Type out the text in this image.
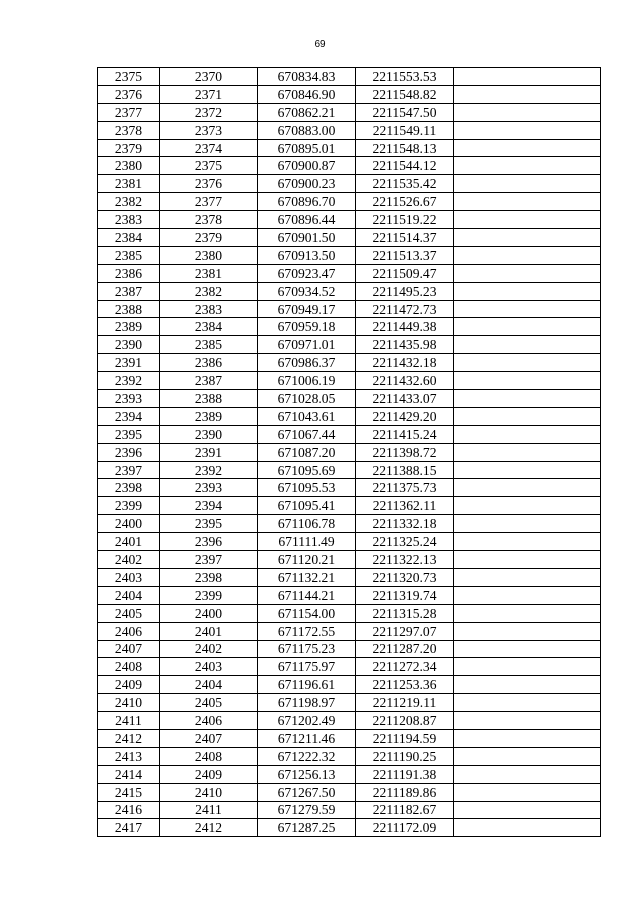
69
2375	2370	670834.83	2211553.53	
2376	2371	670846.90	2211548.82	
2377	2372	670862.21	2211547.50	
2378	2373	670883.00	2211549.11	
2379	2374	670895.01	2211548.13	
2380	2375	670900.87	2211544.12	
2381	2376	670900.23	2211535.42	
2382	2377	670896.70	2211526.67	
2383	2378	670896.44	2211519.22	
2384	2379	670901.50	2211514.37	
2385	2380	670913.50	2211513.37	
2386	2381	670923.47	2211509.47	
2387	2382	670934.52	2211495.23	
2388	2383	670949.17	2211472.73	
2389	2384	670959.18	2211449.38	
2390	2385	670971.01	2211435.98	
2391	2386	670986.37	2211432.18	
2392	2387	671006.19	2211432.60	
2393	2388	671028.05	2211433.07	
2394	2389	671043.61	2211429.20	
2395	2390	671067.44	2211415.24	
2396	2391	671087.20	2211398.72	
2397	2392	671095.69	2211388.15	
2398	2393	671095.53	2211375.73	
2399	2394	671095.41	2211362.11	
2400	2395	671106.78	2211332.18	
2401	2396	671111.49	2211325.24	
2402	2397	671120.21	2211322.13	
2403	2398	671132.21	2211320.73	
2404	2399	671144.21	2211319.74	
2405	2400	671154.00	2211315.28	
2406	2401	671172.55	2211297.07	
2407	2402	671175.23	2211287.20	
2408	2403	671175.97	2211272.34	
2409	2404	671196.61	2211253.36	
2410	2405	671198.97	2211219.11	
2411	2406	671202.49	2211208.87	
2412	2407	671211.46	2211194.59	
2413	2408	671222.32	2211190.25	
2414	2409	671256.13	2211191.38	
2415	2410	671267.50	2211189.86	
2416	2411	671279.59	2211182.67	
2417	2412	671287.25	2211172.09	
